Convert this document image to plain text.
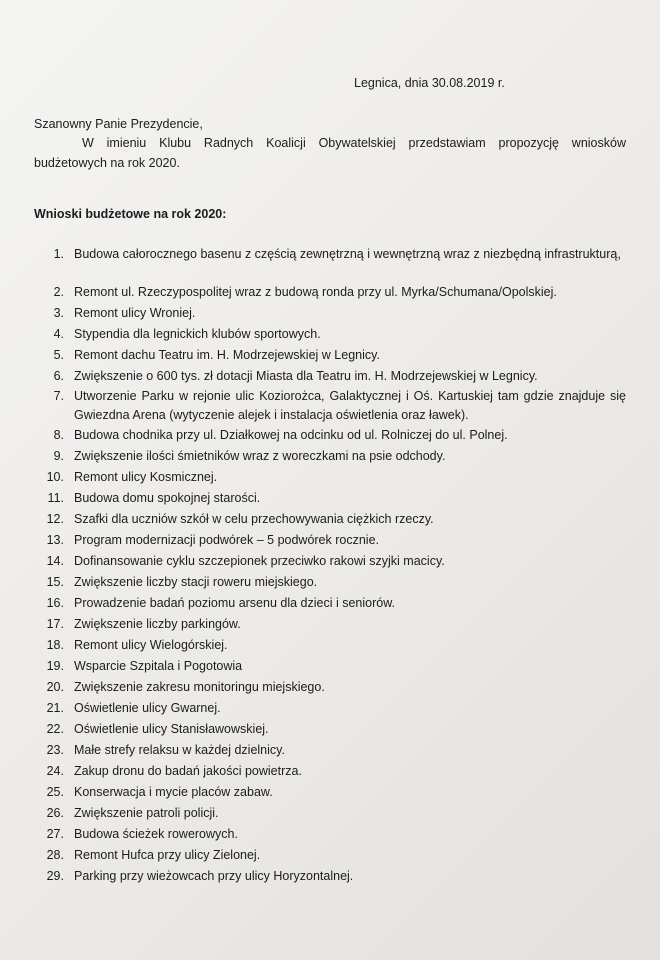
Legnica, dnia 30.08.2019 r.
Szanowny Panie Prezydencie,

W imieniu Klubu Radnych Koalicji Obywatelskiej przedstawiam propozycję wniosków budżetowych na rok 2020.

Wnioski budżetowe na rok 2020:
1. Budowa całorocznego basenu z częścią zewnętrzną i wewnętrzną wraz z niezbędną infrastrukturą,
2. Remont ul. Rzeczypospolitej wraz z budową ronda przy ul. Myrka/Schumana/Opolskiej.
3. Remont ulicy Wroniej.
4. Stypendia dla legnickich klubów sportowych.
5. Remont dachu Teatru im. H. Modrzejewskiej w Legnicy.
6. Zwiększenie o 600 tys. zł dotacji Miasta dla Teatru im. H. Modrzejewskiej w Legnicy.
7. Utworzenie Parku w rejonie ulic Koziorożca, Galaktycznej i Oś. Kartuskiej tam gdzie znajduje się Gwiezdna Arena (wytyczenie alejek i instalacja oświetlenia oraz ławek).
8. Budowa chodnika przy ul. Działkowej na odcinku od ul. Rolniczej do ul. Polnej.
9. Zwiększenie ilości śmietników wraz z woreczkami na psie odchody.
10. Remont ulicy Kosmicznej.
11. Budowa domu spokojnej starości.
12. Szafki dla uczniów szkół w celu przechowywania ciężkich rzeczy.
13. Program modernizacji podwórek – 5 podwórek rocznie.
14. Dofinansowanie cyklu szczepionek przeciwko rakowi szyjki macicy.
15. Zwiększenie liczby stacji roweru miejskiego.
16. Prowadzenie badań poziomu arsenu dla dzieci i seniorów.
17. Zwiększenie liczby parkingów.
18. Remont ulicy Wielogórskiej.
19. Wsparcie Szpitala i Pogotowia
20. Zwiększenie zakresu monitoringu miejskiego.
21. Oświetlenie ulicy Gwarnej.
22. Oświetlenie ulicy Stanisławowskiej.
23. Małe strefy relaksu w każdej dzielnicy.
24. Zakup dronu do badań jakości powietrza.
25. Konserwacja i mycie placów zabaw.
26. Zwiększenie patroli policji.
27. Budowa ścieżek rowerowych.
28. Remont Hufca przy ulicy Zielonej.
29. Parking przy wieżowcach przy ulicy Horyzontalnej.
